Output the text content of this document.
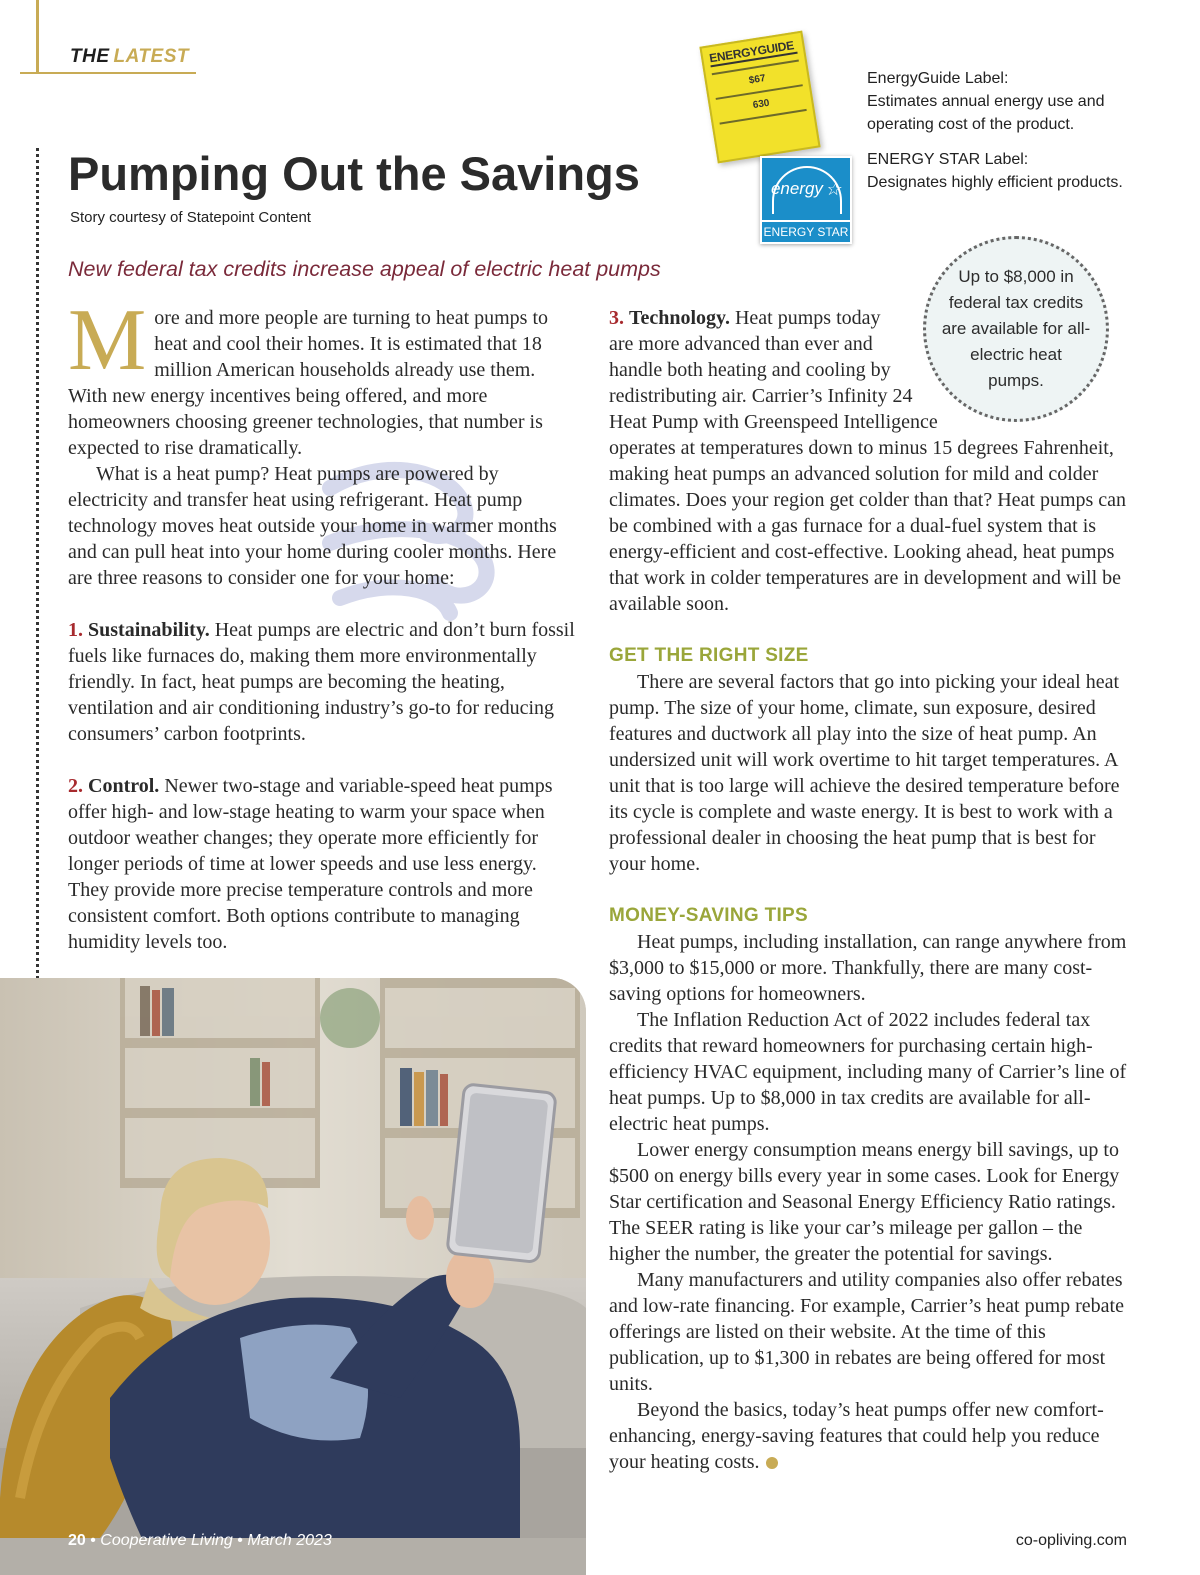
THE LATEST
Pumping Out the Savings
Story courtesy of Statepoint Content
New federal tax credits increase appeal of electric heat pumps
ENERGYGUIDE
$67
630
energy ☆
ENERGY STAR
EnergyGuide Label:
Estimates annual energy use and operating cost of the product.
ENERGY STAR Label:
Designates highly efficient products.
Up to $8,000 in federal tax credits are available for all-electric heat pumps.

More and more people are turning to heat pumps to heat and cool their homes. It is estimated that 18 million American households already use them. With new energy incentives being offered, and more homeowners choosing greener technologies, that number is expected to rise dramatically.

What is a heat pump? Heat pumps are powered by electricity and transfer heat using refrigerant. Heat pump technology moves heat outside your home in warmer months and can pull heat into your home during cooler months. Here are three reasons to consider one for your home:

1. Sustainability. Heat pumps are electric and don’t burn fossil fuels like furnaces do, making them more environmentally friendly. In fact, heat pumps are becoming the heating, ventilation and air conditioning industry’s go-to for reducing consumers’ carbon footprints.

2. Control. Newer two-stage and variable-speed heat pumps offer high- and low-stage heating to warm your space when outdoor weather changes; they operate more efficiently for longer periods of time at lower speeds and use less energy. They provide more precise temperature controls and more consistent comfort. Both options contribute to managing humidity levels too.

3. Technology. Heat pumps today
are more advanced than ever and
handle both heating and cooling by
redistributing air. Carrier’s Infinity 24
Heat Pump with Greenspeed Intelligence
operates at temperatures down to minus 15 degrees Fahrenheit, making heat pumps an advanced solution for mild and colder climates. Does your region get colder than that? Heat pumps can be combined with a gas furnace for a dual-fuel system that is energy-efficient and cost-effective. Looking ahead, heat pumps that work in colder temperatures are in development and will be available soon.

GET THE RIGHT SIZE

There are several factors that go into picking your ideal heat pump. The size of your home, climate, sun exposure, desired features and ductwork all play into the size of heat pump. An undersized unit will work overtime to hit target temperatures. A unit that is too large will achieve the desired temperature before its cycle is complete and waste energy. It is best to work with a professional dealer in choosing the heat pump that is best for your home.

MONEY-SAVING TIPS

Heat pumps, including installation, can range anywhere from $3,000 to $15,000 or more. Thankfully, there are many cost-saving options for homeowners.

The Inflation Reduction Act of 2022 includes federal tax credits that reward homeowners for purchasing certain high-efficiency HVAC equipment, including many of Carrier’s line of heat pumps. Up to $8,000 in tax credits are available for all-electric heat pumps.

Lower energy consumption means energy bill savings, up to $500 on energy bills every year in some cases. Look for Energy Star certification and Seasonal Energy Efficiency Ratio ratings. The SEER rating is like your car’s mileage per gallon – the higher the number, the greater the potential for savings.

Many manufacturers and utility companies also offer rebates and low-rate financing. For example, Carrier’s heat pump rebate offerings are listed on their website. At the time of this publication, up to $1,300 in rebates are being offered for most units.

Beyond the basics, today’s heat pumps offer new comfort-enhancing, energy-saving features that could help you reduce your heating costs.

20 • Cooperative Living • March 2023	co-opliving.com
